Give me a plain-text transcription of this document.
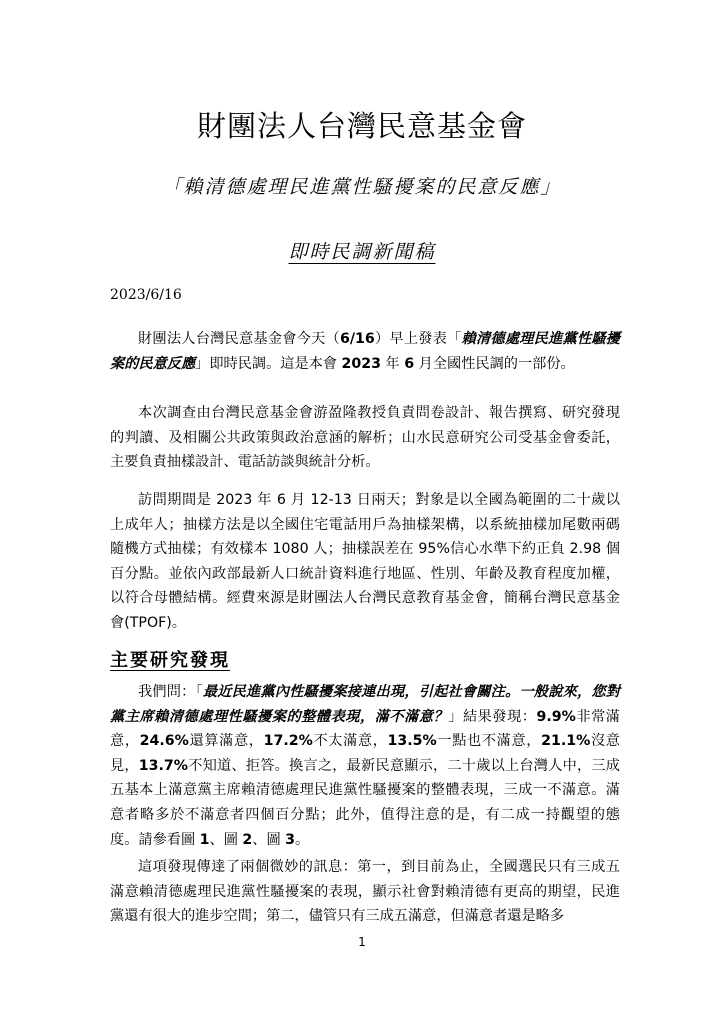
財團法人台灣民意基金會
「賴清德處理民進黨性騷擾案的民意反應」
即時民調新聞稿
2023/6/16
財團法人台灣民意基金會今天（6/16）早上發表「賴清德處理民進黨性騷擾案的民意反應」即時民調。這是本會 2023 年 6 月全國性民調的一部份。
本次調查由台灣民意基金會游盈隆教授負責問卷設計、報告撰寫、研究發現的判讀、及相關公共政策與政治意涵的解析；山水民意研究公司受基金會委託，主要負責抽樣設計、電話訪談與統計分析。
訪問期間是 2023 年 6 月 12-13 日兩天；對象是以全國為範圍的二十歲以上成年人；抽樣方法是以全國住宅電話用戶為抽樣架構，以系統抽樣加尾數兩碼隨機方式抽樣；有效樣本 1080 人；抽樣誤差在 95%信心水準下約正負 2.98 個百分點。並依內政部最新人口統計資料進行地區、性別、年齡及教育程度加權，以符合母體結構。經費來源是財團法人台灣民意教育基金會，簡稱台灣民意基金會(TPOF)。
主要研究發現
我們問：「最近民進黨內性騷擾案接連出現，引起社會關注。一般說來，您對黨主席賴清德處理性騷擾案的整體表現，滿不滿意？」結果發現：9.9%非常滿意，24.6%還算滿意，17.2%不太滿意，13.5%一點也不滿意，21.1%沒意見，13.7%不知道、拒答。換言之，最新民意顯示，二十歲以上台灣人中，三成五基本上滿意黨主席賴清德處理民進黨性騷擾案的整體表現，三成一不滿意。滿意者略多於不滿意者四個百分點；此外，值得注意的是，有二成一持觀望的態度。請參看圖 1、圖 2、圖 3。
這項發現傳達了兩個微妙的訊息：第一，到目前為止，全國選民只有三成五滿意賴清德處理民進黨性騷擾案的表現，顯示社會對賴清德有更高的期望，民進黨還有很大的進步空間；第二，儘管只有三成五滿意，但滿意者還是略多
1
